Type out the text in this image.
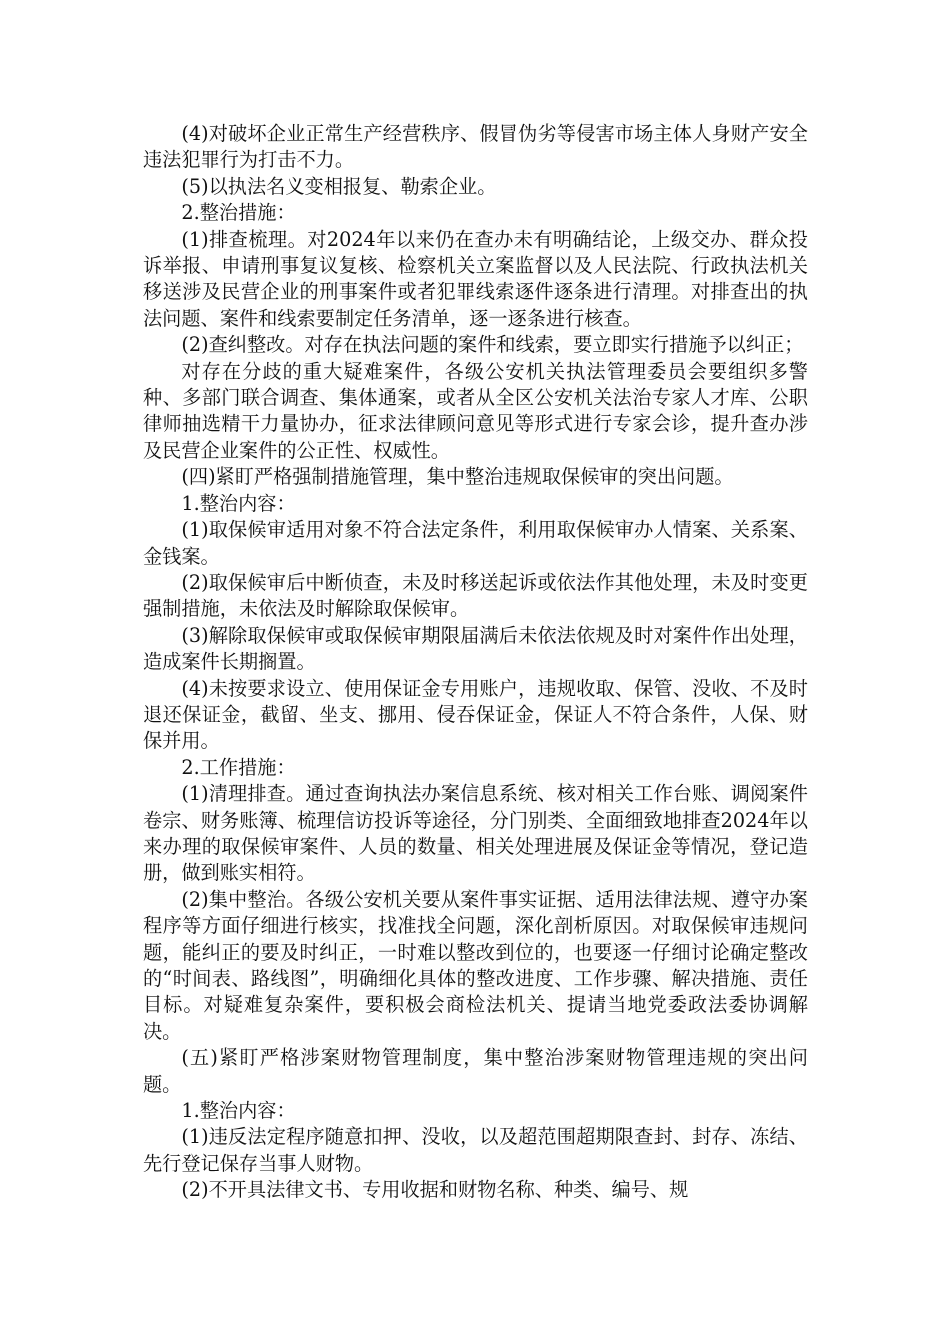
(4)对破坏企业正常生产经营秩序、假冒伪劣等侵害市场主体人身财产安全违法犯罪行为打击不力。

(5)以执法名义变相报复、勒索企业。

2.整治措施：

(1)排查梳理。对2024年以来仍在查办未有明确结论，上级交办、群众投诉举报、申请刑事复议复核、检察机关立案监督以及人民法院、行政执法机关移送涉及民营企业的刑事案件或者犯罪线索逐件逐条进行清理。对排查出的执法问题、案件和线索要制定任务清单，逐一逐条进行核查。

(2)查纠整改。对存在执法问题的案件和线索，要立即实行措施予以纠正；

对存在分歧的重大疑难案件，各级公安机关执法管理委员会要组织多警种、多部门联合调查、集体通案，或者从全区公安机关法治专家人才库、公职律师抽选精干力量协办，征求法律顾问意见等形式进行专家会诊，提升查办涉及民营企业案件的公正性、权威性。

(四)紧盯严格强制措施管理，集中整治违规取保候审的突出问题。

1.整治内容：

(1)取保候审适用对象不符合法定条件，利用取保候审办人情案、关系案、金钱案。

(2)取保候审后中断侦查，未及时移送起诉或依法作其他处理，未及时变更强制措施，未依法及时解除取保候审。

(3)解除取保候审或取保候审期限届满后未依法依规及时对案件作出处理，造成案件长期搁置。

(4)未按要求设立、使用保证金专用账户，违规收取、保管、没收、不及时退还保证金，截留、坐支、挪用、侵吞保证金，保证人不符合条件，人保、财保并用。

2.工作措施：

(1)清理排查。通过查询执法办案信息系统、核对相关工作台账、调阅案件卷宗、财务账簿、梳理信访投诉等途径，分门别类、全面细致地排查2024年以来办理的取保候审案件、人员的数量、相关处理进展及保证金等情况，登记造册，做到账实相符。

(2)集中整治。各级公安机关要从案件事实证据、适用法律法规、遵守办案程序等方面仔细进行核实，找准找全问题，深化剖析原因。对取保候审违规问题，能纠正的要及时纠正，一时难以整改到位的，也要逐一仔细讨论确定整改的“时间表、路线图”，明确细化具体的整改进度、工作步骤、解决措施、责任目标。对疑难复杂案件，要积极会商检法机关、提请当地党委政法委协调解决。

(五)紧盯严格涉案财物管理制度，集中整治涉案财物管理违规的突出问题。

1.整治内容：

(1)违反法定程序随意扣押、没收，以及超范围超期限查封、封存、冻结、先行登记保存当事人财物。

(2)不开具法律文书、专用收据和财物名称、种类、编号、规
